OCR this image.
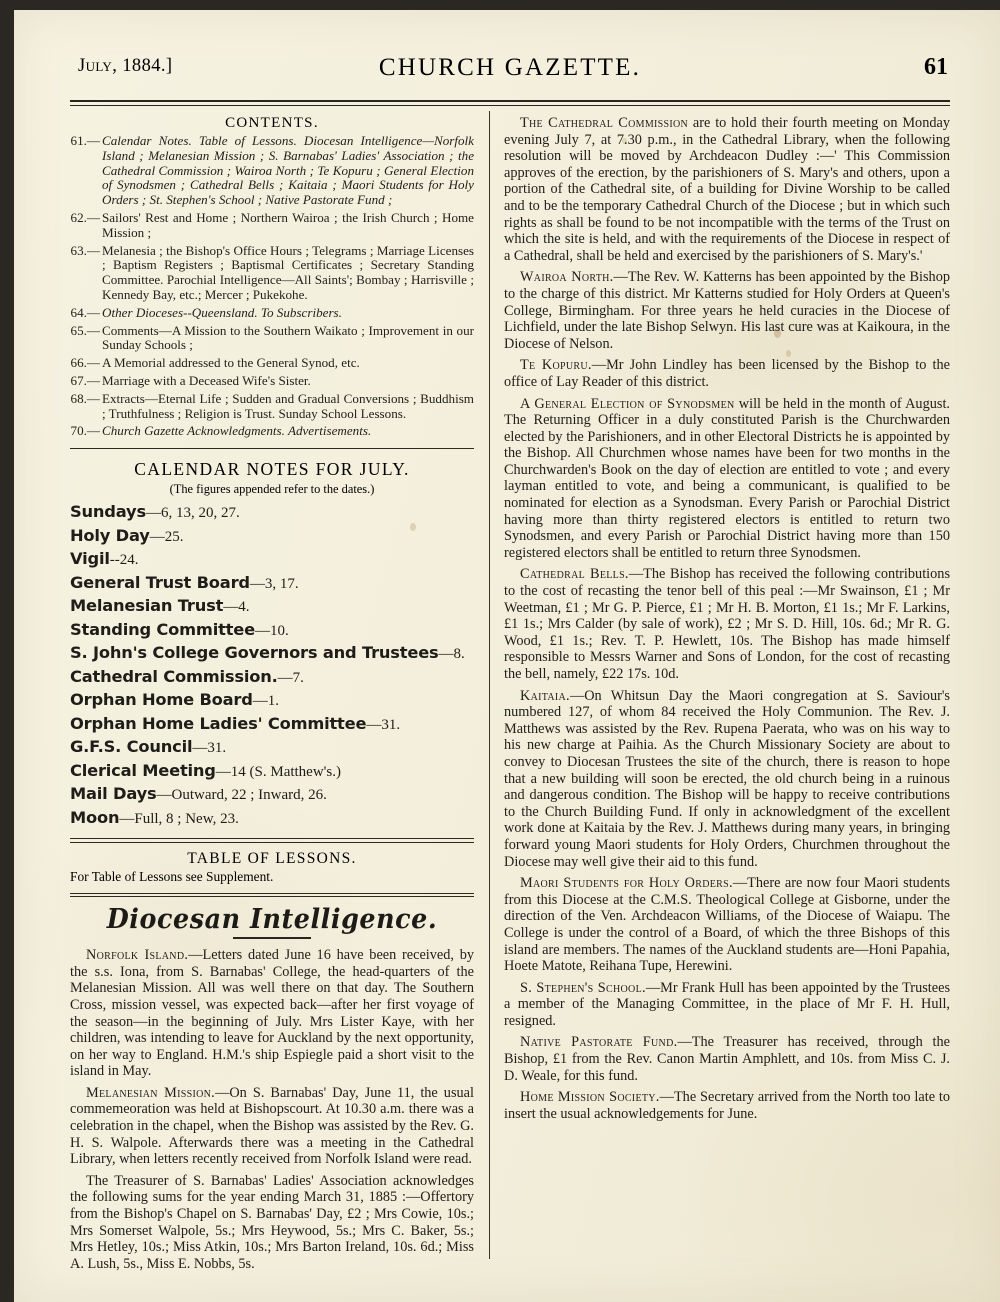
July, 1884.]	CHURCH GAZETTE.	61
CONTENTS.
61.— Calendar Notes. Table of Lessons. Diocesan Intelligence—Norfolk Island ; Melanesian Mission ; S. Barnabas' Ladies' Association ; the Cathedral Commission ; Wairoa North ; Te Kopuru ; General Election of Synodsmen ; Cathedral Bells ; Kaitaia ; Maori Students for Holy Orders ; St. Stephen's School ; Native Pastorate Fund ;
62.— Sailors' Rest and Home ; Northern Wairoa ; the Irish Church ; Home Mission ;
63.— Melanesia ; the Bishop's Office Hours ; Telegrams ; Marriage Licenses ; Baptism Registers ; Baptismal Certificates ; Secretary Standing Committee. Parochial Intelligence—All Saints'; Bombay ; Harrisville ; Kennedy Bay, etc.; Mercer ; Pukekohe.
64.— Other Dioceses--Queensland. To Subscribers.
65.— Comments—A Mission to the Southern Waikato ; Improvement in our Sunday Schools ;
66.— A Memorial addressed to the General Synod, etc.
67.— Marriage with a Deceased Wife's Sister.
68.— Extracts—Eternal Life ; Sudden and Gradual Conversions ; Buddhism ; Truthfulness ; Religion is Trust. Sunday School Lessons.
70.— Church Gazette Acknowledgments. Advertisements.
CALENDAR NOTES FOR JULY.
(The figures appended refer to the dates.)
Sundays—6, 13, 20, 27.
Holy Day—25.
Vigil--24.
General Trust Board—3, 17.
Melanesian Trust—4.
Standing Committee—10.
S. John's College Governors and Trustees—8.
Cathedral Commission.—7.
Orphan Home Board—1.
Orphan Home Ladies' Committee—31.
G.F.S. Council—31.
Clerical Meeting—14 (S. Matthew's.)
Mail Days—Outward, 22 ; Inward, 26.
Moon—Full, 8 ; New, 23.
TABLE OF LESSONS.
For Table of Lessons see Supplement.
Diocesan Intelligence.

Norfolk Island.—Letters dated June 16 have been received, by the s.s. Iona, from S. Barnabas' College, the head-quarters of the Melanesian Mission. All was well there on that day. The Southern Cross, mission vessel, was expected back—after her first voyage of the season—in the beginning of July. Mrs Lister Kaye, with her children, was intending to leave for Auckland by the next opportunity, on her way to England. H.M.'s ship Espiegle paid a short visit to the island in May.

Melanesian Mission.—On S. Barnabas' Day, June 11, the usual commemeoration was held at Bishopscourt. At 10.30 a.m. there was a celebration in the chapel, when the Bishop was assisted by the Rev. G. H. S. Walpole. Afterwards there was a meeting in the Cathedral Library, when letters recently received from Norfolk Island were read.

The Treasurer of S. Barnabas' Ladies' Association acknowledges the following sums for the year ending March 31, 1885 :—Offertory from the Bishop's Chapel on S. Barnabas' Day, £2 ; Mrs Cowie, 10s.; Mrs Somerset Walpole, 5s.; Mrs Heywood, 5s.; Mrs C. Baker, 5s.; Mrs Hetley, 10s.; Miss Atkin, 10s.; Mrs Barton Ireland, 10s. 6d.; Miss A. Lush, 5s., Miss E. Nobbs, 5s.

The Cathedral Commission are to hold their fourth meeting on Monday evening July 7, at 7.30 p.m., in the Cathedral Library, when the following resolution will be moved by Archdeacon Dudley :—' This Commission approves of the erection, by the parishioners of S. Mary's and others, upon a portion of the Cathedral site, of a building for Divine Worship to be called and to be the temporary Cathedral Church of the Diocese ; but in which such rights as shall be found to be not incompatible with the terms of the Trust on which the site is held, and with the requirements of the Diocese in respect of a Cathedral, shall be held and exercised by the parishioners of S. Mary's.'

Wairoa North.—The Rev. W. Katterns has been appointed by the Bishop to the charge of this district. Mr Katterns studied for Holy Orders at Queen's College, Birmingham. For three years he held curacies in the Diocese of Lichfield, under the late Bishop Selwyn. His last cure was at Kaikoura, in the Diocese of Nelson.

Te Kopuru.—Mr John Lindley has been licensed by the Bishop to the office of Lay Reader of this district.

A General Election of Synodsmen will be held in the month of August. The Returning Officer in a duly constituted Parish is the Churchwarden elected by the Parishioners, and in other Electoral Districts he is appointed by the Bishop. All Churchmen whose names have been for two months in the Churchwarden's Book on the day of election are entitled to vote ; and every layman entitled to vote, and being a communicant, is qualified to be nominated for election as a Synodsman. Every Parish or Parochial District having more than thirty registered electors is entitled to return two Synodsmen, and every Parish or Parochial District having more than 150 registered electors shall be entitled to return three Synodsmen.

Cathedral Bells.—The Bishop has received the following contributions to the cost of recasting the tenor bell of this peal :—Mr Swainson, £1 ; Mr Weetman, £1 ; Mr G. P. Pierce, £1 ; Mr H. B. Morton, £1 1s.; Mr F. Larkins, £1 1s.; Mrs Calder (by sale of work), £2 ; Mr S. D. Hill, 10s. 6d.; Mr R. G. Wood, £1 1s.; Rev. T. P. Hewlett, 10s. The Bishop has made himself responsible to Messrs Warner and Sons of London, for the cost of recasting the bell, namely, £22 17s. 10d.

Kaitaia.—On Whitsun Day the Maori congregation at S. Saviour's numbered 127, of whom 84 received the Holy Communion. The Rev. J. Matthews was assisted by the Rev. Rupena Paerata, who was on his way to his new charge at Paihia. As the Church Missionary Society are about to convey to Diocesan Trustees the site of the church, there is reason to hope that a new building will soon be erected, the old church being in a ruinous and dangerous condition. The Bishop will be happy to receive contributions to the Church Building Fund. If only in acknowledgment of the excellent work done at Kaitaia by the Rev. J. Matthews during many years, in bringing forward young Maori students for Holy Orders, Churchmen throughout the Diocese may well give their aid to this fund.

Maori Students for Holy Orders.—There are now four Maori students from this Diocese at the C.M.S. Theological College at Gisborne, under the direction of the Ven. Archdeacon Williams, of the Diocese of Waiapu. The College is under the control of a Board, of which the three Bishops of this island are members. The names of the Auckland students are—Honi Papahia, Hoete Matote, Reihana Tupe, Herewini.

S. Stephen's School.—Mr Frank Hull has been appointed by the Trustees a member of the Managing Committee, in the place of Mr F. H. Hull, resigned.

Native Pastorate Fund.—The Treasurer has received, through the Bishop, £1 from the Rev. Canon Martin Amphlett, and 10s. from Miss C. J. D. Weale, for this fund.

Home Mission Society.—The Secretary arrived from the North too late to insert the usual acknowledgements for June.
